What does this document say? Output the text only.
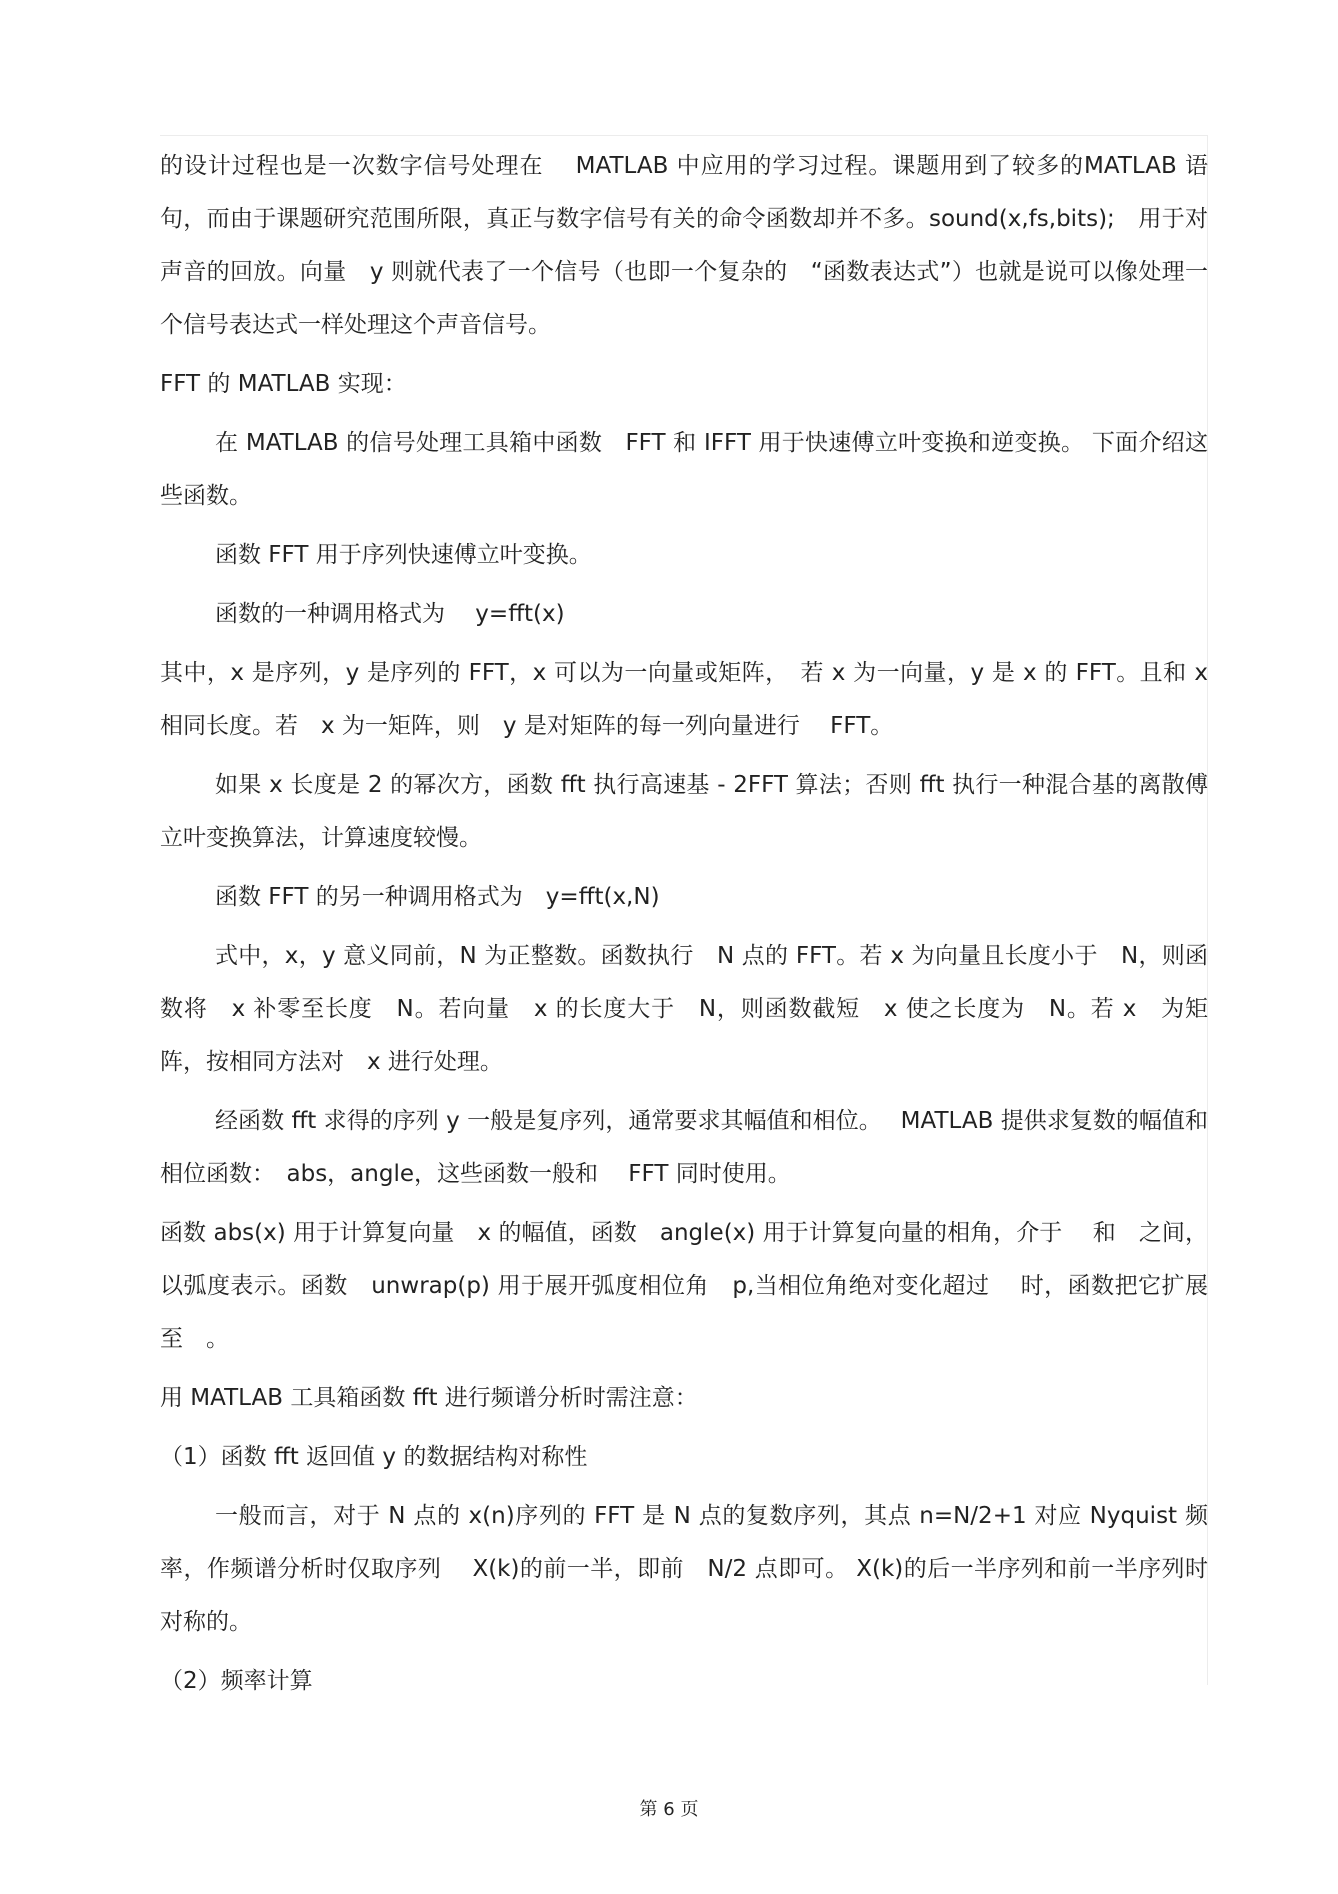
的设计过程也是一次数字信号处理在　 MATLAB 中应用的学习过程。课题用到了较多的MATLAB 语句，而由于课题研究范围所限，真正与数字信号有关的命令函数却并不多。sound(x,fs,bits);　用于对声音的回放。向量　y 则就代表了一个信号（也即一个复杂的　“函数表达式”）也就是说可以像处理一个信号表达式一样处理这个声音信号。

FFT 的 MATLAB 实现：

在 MATLAB 的信号处理工具箱中函数　FFT 和 IFFT 用于快速傅立叶变换和逆变换。 下面介绍这些函数。

函数 FFT 用于序列快速傅立叶变换。

函数的一种调用格式为　 y=fft(x)

其中，x 是序列，y 是序列的 FFT，x 可以为一向量或矩阵，　若 x 为一向量，y 是 x 的 FFT。且和 x 相同长度。若　x 为一矩阵，则　y 是对矩阵的每一列向量进行　 FFT。

如果 x 长度是 2 的幂次方，函数 fft 执行高速基 - 2FFT 算法；否则 fft 执行一种混合基的离散傅立叶变换算法，计算速度较慢。

函数 FFT 的另一种调用格式为　y=fft(x,N)

式中，x，y 意义同前，N 为正整数。函数执行　N 点的 FFT。若 x 为向量且长度小于　N，则函数将　x 补零至长度　N。若向量　x 的长度大于　N，则函数截短　x 使之长度为　N。若 x　为矩阵，按相同方法对　x 进行处理。

经函数 fft 求得的序列 y 一般是复序列，通常要求其幅值和相位。　 MATLAB 提供求复数的幅值和相位函数：　abs，angle，这些函数一般和　 FFT 同时使用。

函数 abs(x) 用于计算复向量　x 的幅值，函数　angle(x) 用于计算复向量的相角，介于　 和　之间，以弧度表示。函数　unwrap(p) 用于展开弧度相位角　p,当相位角绝对变化超过　 时，函数把它扩展至　。

用 MATLAB 工具箱函数 fft 进行频谱分析时需注意：

（1）函数 fft 返回值 y 的数据结构对称性

一般而言，对于 N 点的 x(n)序列的 FFT 是 N 点的复数序列，其点 n=N/2+1 对应 Nyquist 频率，作频谱分析时仅取序列　 X(k)的前一半，即前　N/2 点即可。 X(k)的后一半序列和前一半序列时对称的。

（2）频率计算

第 6 页
